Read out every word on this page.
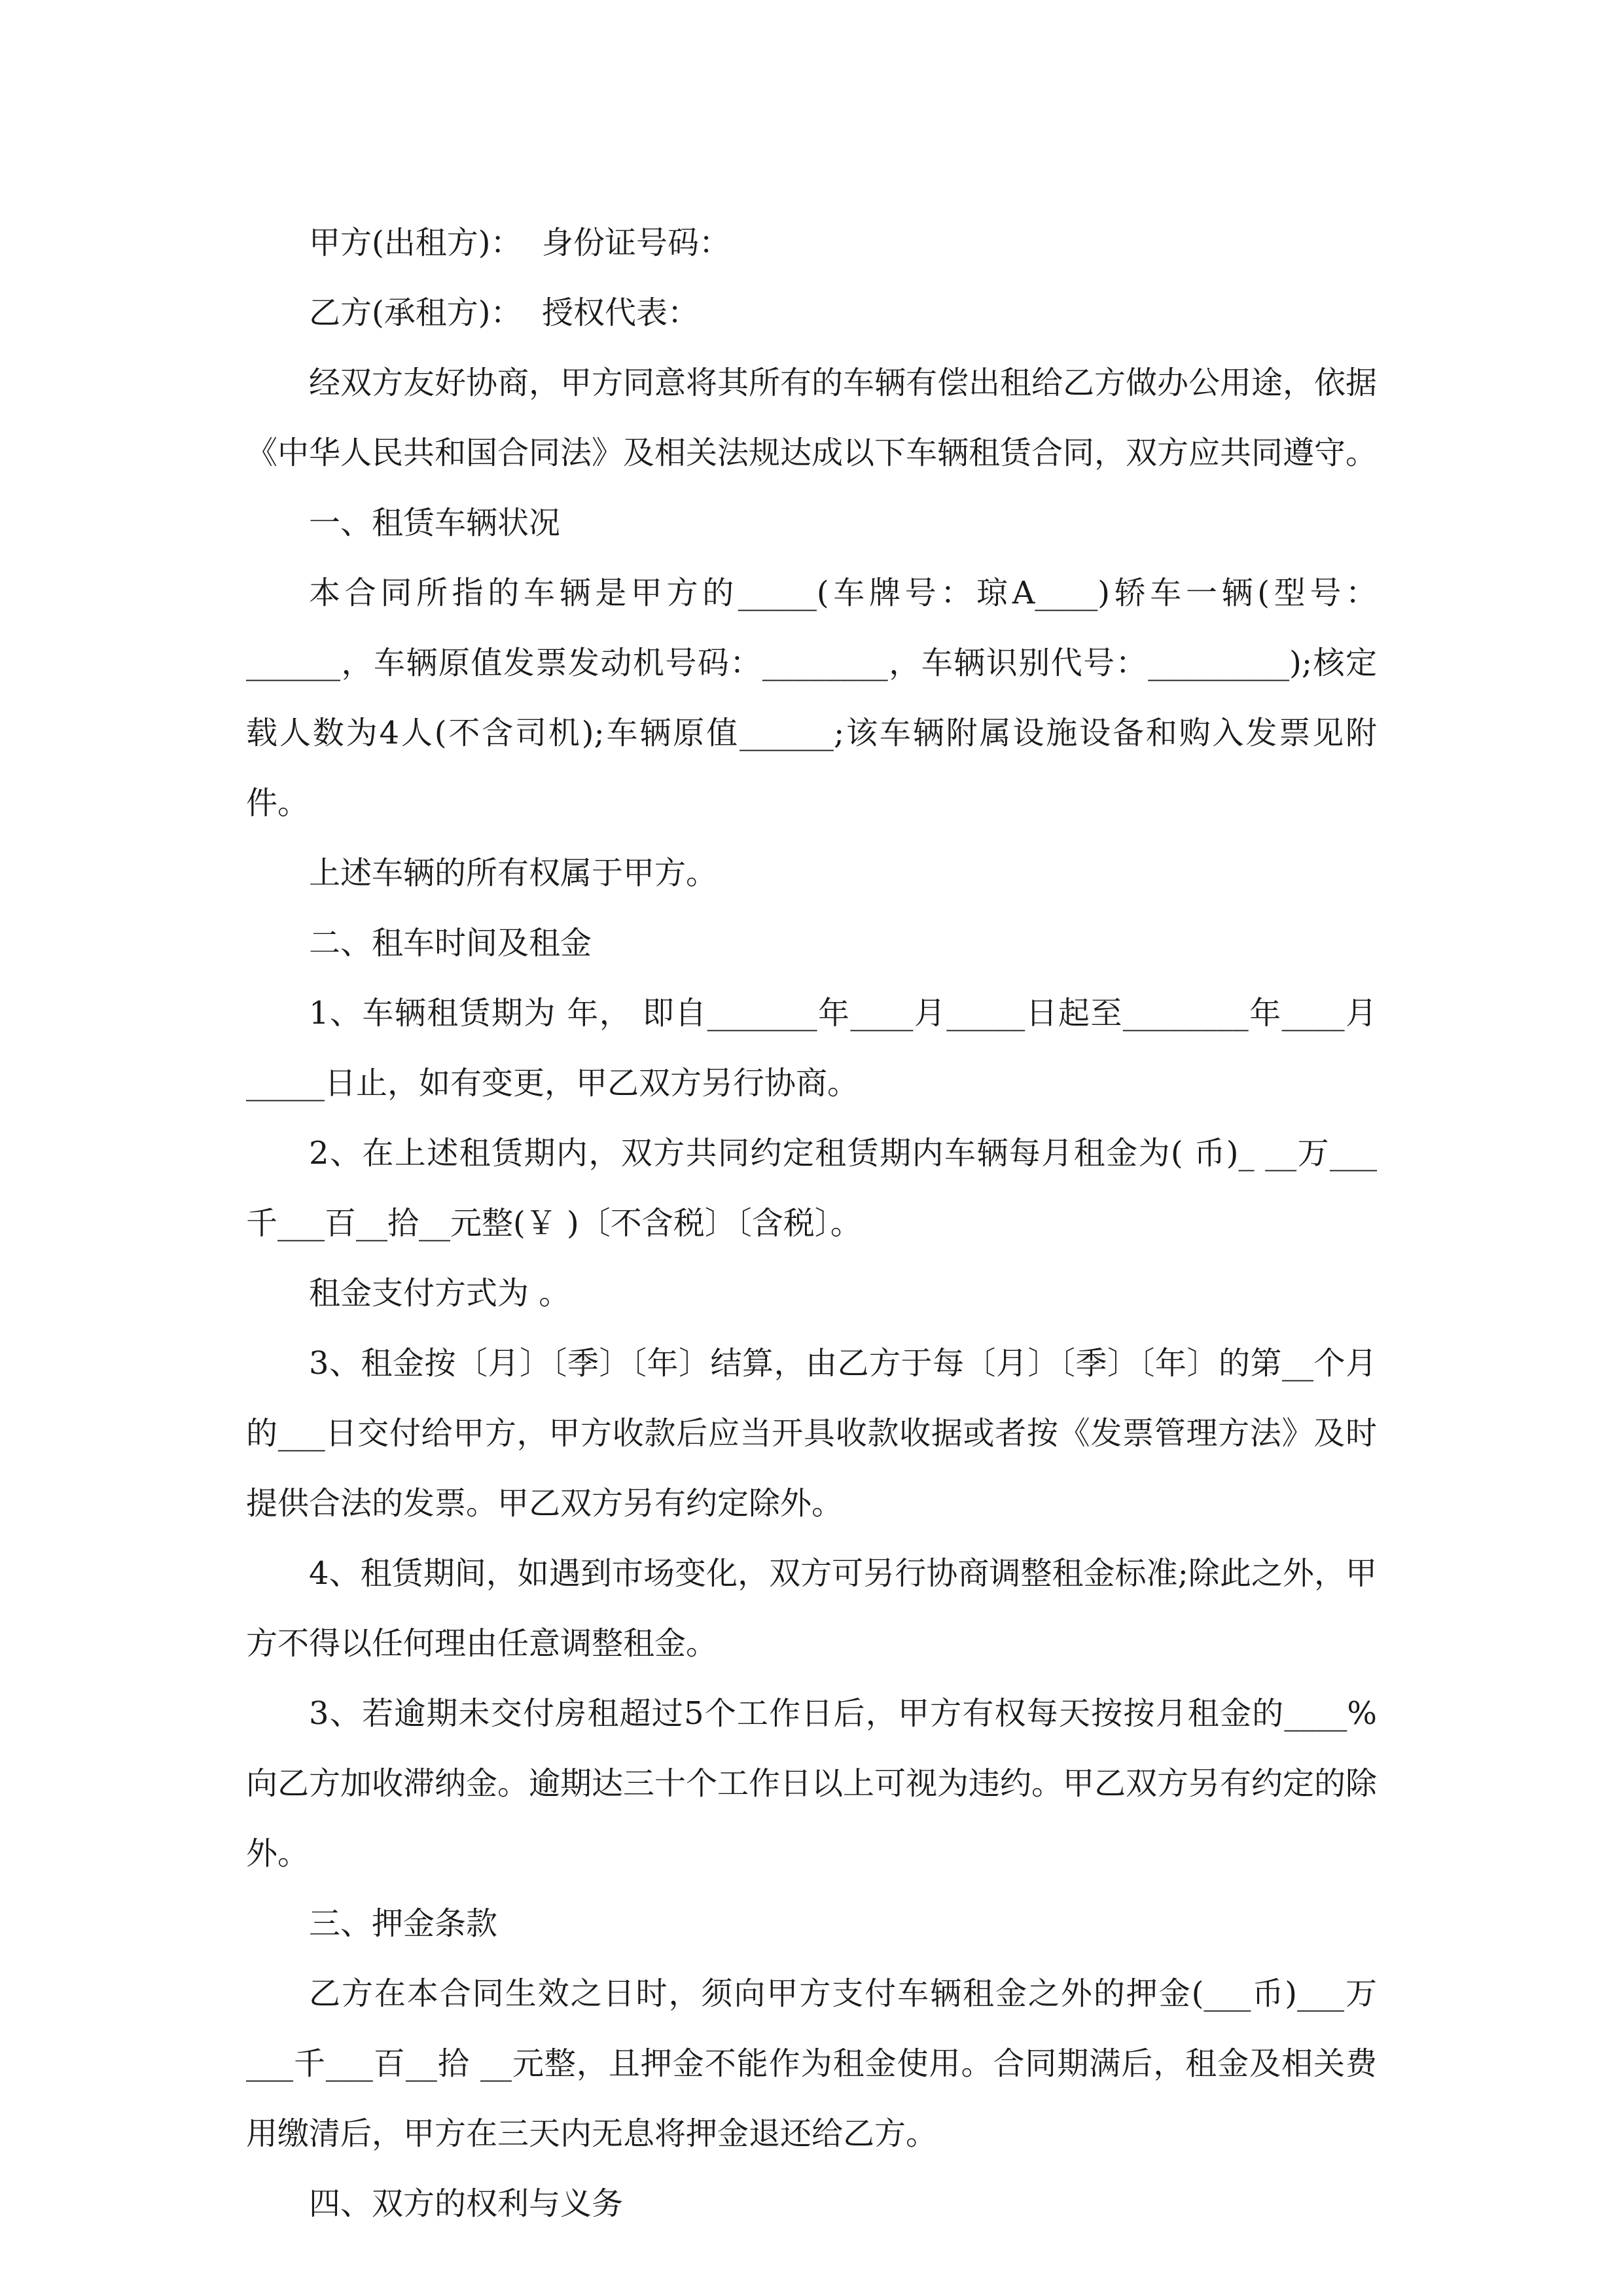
甲方(出租方)：  身份证号码：

乙方(承租方)：  授权代表：

经双方友好协商，甲方同意将其所有的车辆有偿出租给乙方做办公用途，依据《中华人民共和国合同法》及相关法规达成以下车辆租赁合同，双方应共同遵守。

一、租赁车辆状况

本合同所指的车辆是甲方的_____(车牌号：琼A____)轿车一辆(型号：______，车辆原值发票发动机号码：________，车辆识别代号：_________);核定载人数为4人(不含司机);车辆原值______;该车辆附属设施设备和购入发票见附件。

上述车辆的所有权属于甲方。

二、租车时间及租金

1、车辆租赁期为 年， 即自_______年____月_____日起至________年____月_____日止，如有变更，甲乙双方另行协商。

2、在上述租赁期内，双方共同约定租赁期内车辆每月租金为( 币)_ __万___千___百__拾__元整(￥ )〔不含税〕〔含税〕。

租金支付方式为 。

3、租金按〔月〕〔季〕〔年〕结算，由乙方于每〔月〕〔季〕〔年〕的第__个月的___日交付给甲方，甲方收款后应当开具收款收据或者按《发票管理方法》及时提供合法的发票。甲乙双方另有约定除外。

4、租赁期间，如遇到市场变化，双方可另行协商调整租金标准;除此之外，甲方不得以任何理由任意调整租金。

3、若逾期未交付房租超过5个工作日后，甲方有权每天按按月租金的____%向乙方加收滞纳金。逾期达三十个工作日以上可视为违约。甲乙双方另有约定的除外。

三、押金条款

乙方在本合同生效之日时，须向甲方支付车辆租金之外的押金(___币)___万___千___百__拾 __元整，且押金不能作为租金使用。合同期满后，租金及相关费用缴清后，甲方在三天内无息将押金退还给乙方。

四、双方的权利与义务
